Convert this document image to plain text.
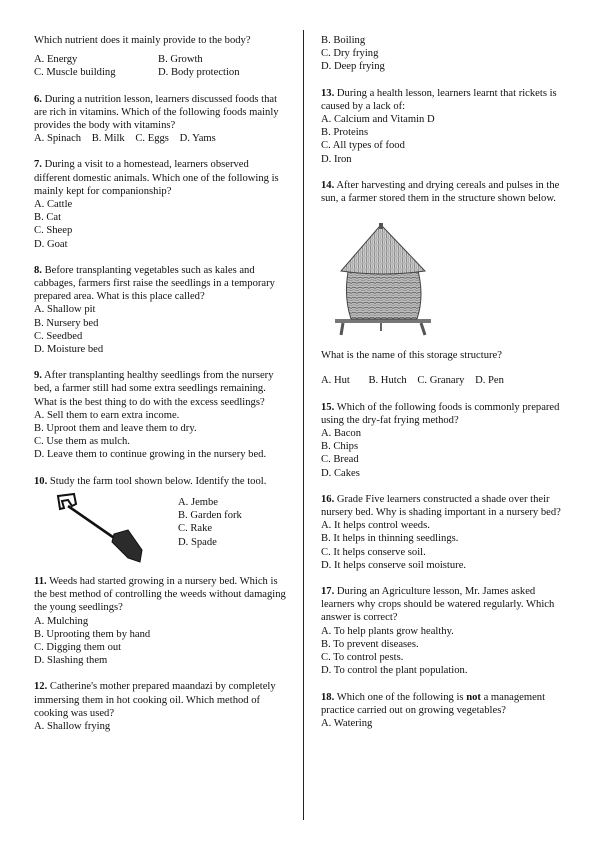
Which nutrient does it mainly provide to the body?

A. Energy	B. Growth
C. Muscle building	D. Body protection

6. During a nutrition lesson, learners discussed foods that are rich in vitamins. Which of the following foods mainly provides the body with vitamins?

A. Spinach B. Milk C. Eggs D. Yams

7. During a visit to a homestead, learners observed different domestic animals. Which one of the following is mainly kept for companionship?

A. Cattle

B. Cat

C. Sheep

D. Goat

8. Before transplanting vegetables such as kales and cabbages, farmers first raise the seedlings in a temporary prepared area. What is this place called?

A. Shallow pit

B. Nursery bed

C. Seedbed

D. Moisture bed

9. After transplanting healthy seedlings from the nursery bed, a farmer still had some extra seedlings remaining. What is the best thing to do with the excess seedlings?

A. Sell them to earn extra income.

B. Uproot them and leave them to dry.

C. Use them as mulch.

D. Leave them to continue growing in the nursery bed.

10. Study the farm tool shown below. Identify the tool.

A. Jembe

B. Garden fork

C. Rake

D. Spade

11. Weeds had started growing in a nursery bed. Which is the best method of controlling the weeds without damaging the young seedlings?

A. Mulching

B. Uprooting them by hand

C. Digging them out

D. Slashing them

12. Catherine's mother prepared maandazi by completely immersing them in hot cooking oil. Which method of cooking was used?

A. Shallow frying

B. Boiling

C. Dry frying

D. Deep frying

13. During a health lesson, learners learnt that rickets is caused by a lack of:

A. Calcium and Vitamin D

B. Proteins

C. All types of food

D. Iron

14. After harvesting and drying cereals and pulses in the sun, a farmer stored them in the structure shown below.

What is the name of this storage structure?

A. Hut B. Hutch C. Granary D. Pen

15. Which of the following foods is commonly prepared using the dry-fat frying method?

A. Bacon

B. Chips

C. Bread

D. Cakes

16. Grade Five learners constructed a shade over their nursery bed. Why is shading important in a nursery bed?

A. It helps control weeds.

B. It helps in thinning seedlings.

C. It helps conserve soil.

D. It helps conserve soil moisture.

17. During an Agriculture lesson, Mr. James asked learners why crops should be watered regularly. Which answer is correct?

A. To help plants grow healthy.

B. To prevent diseases.

C. To control pests.

D. To control the plant population.

18. Which one of the following is not a management practice carried out on growing vegetables?

A. Watering
